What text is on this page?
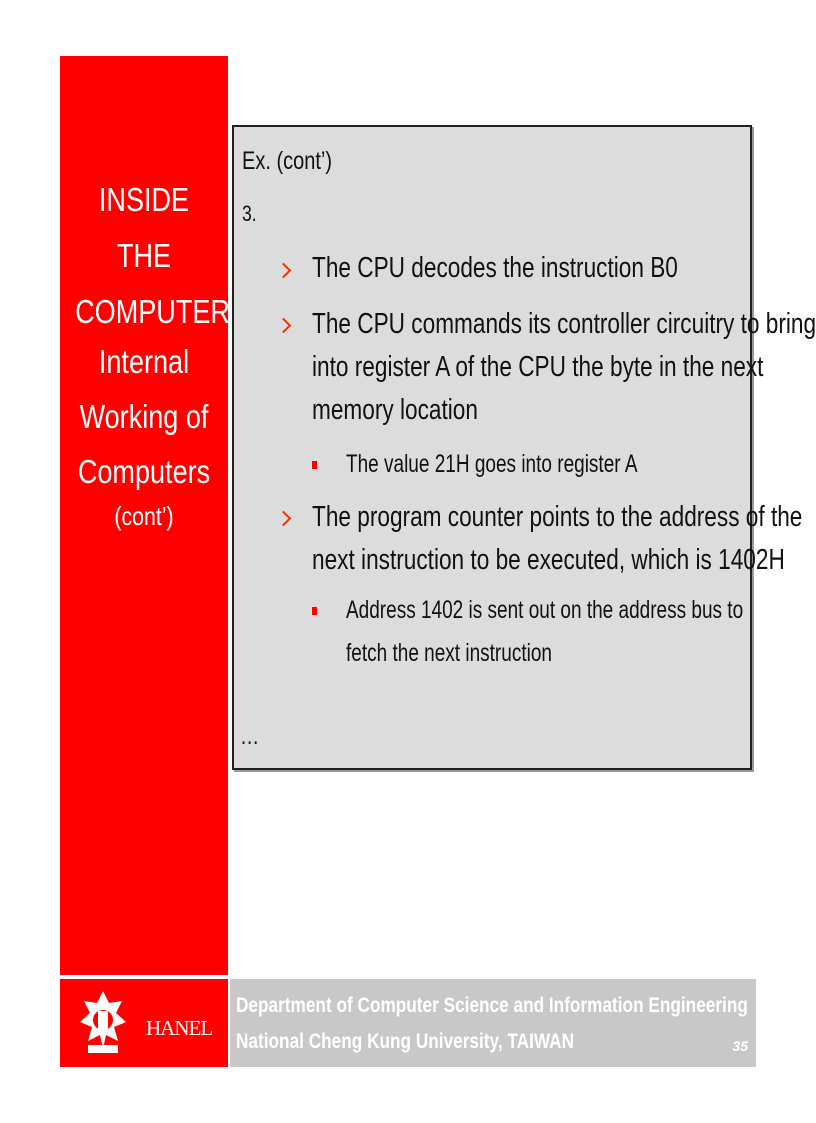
INSIDE THE
COMPUTER
Internal
Working of
Computers
(cont’)
Ex. (cont’)
3.
The CPU decodes the instruction B0
The CPU commands its controller circuitry to bring
into register A of the CPU the byte in the next
memory location
The value 21H goes into register A
The program counter points to the address of the
next instruction to be executed, which is 1402H
Address 1402 is sent out on the address bus to
fetch the next instruction
…
HANEL
Department of Computer Science and Information Engineering
National Cheng Kung University, TAIWAN	35
